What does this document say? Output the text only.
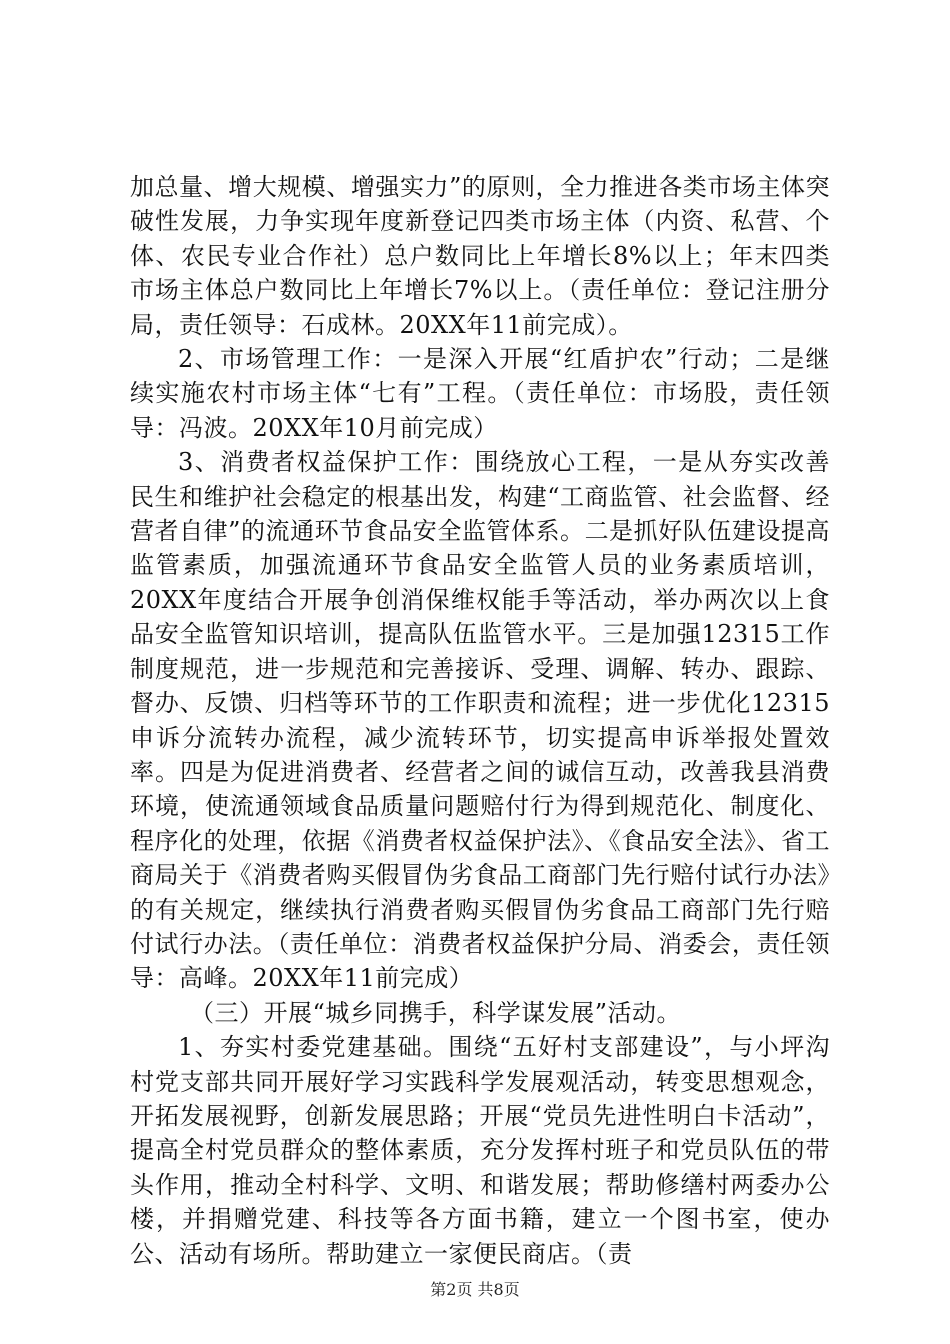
加总量、增大规模、增强实力”的原则，全力推进各类市场主体突破性发展，力争实现年度新登记四类市场主体（内资、私营、个体、农民专业合作社）总户数同比上年增长8%以上；年末四类市场主体总户数同比上年增长7%以上。（责任单位：登记注册分局，责任领导：石成林。20XX年11前完成）。

2、市场管理工作：一是深入开展“红盾护农”行动；二是继续实施农村市场主体“七有”工程。（责任单位：市场股，责任领导：冯波。20XX年10月前完成）

3、消费者权益保护工作：围绕放心工程，一是从夯实改善民生和维护社会稳定的根基出发，构建“工商监管、社会监督、经营者自律”的流通环节食品安全监管体系。二是抓好队伍建设提高监管素质，加强流通环节食品安全监管人员的业务素质培训，20XX年度结合开展争创消保维权能手等活动，举办两次以上食品安全监管知识培训，提高队伍监管水平。三是加强12315工作制度规范，进一步规范和完善接诉、受理、调解、转办、跟踪、督办、反馈、归档等环节的工作职责和流程；进一步优化12315申诉分流转办流程，减少流转环节，切实提高申诉举报处置效率。四是为促进消费者、经营者之间的诚信互动，改善我县消费环境，使流通领域食品质量问题赔付行为得到规范化、制度化、程序化的处理，依据《消费者权益保护法》、《食品安全法》、省工商局关于《消费者购买假冒伪劣食品工商部门先行赔付试行办法》的有关规定，继续执行消费者购买假冒伪劣食品工商部门先行赔付试行办法。（责任单位：消费者权益保护分局、消委会，责任领导：高峰。20XX年11前完成）

（三）开展“城乡同携手，科学谋发展”活动。

1、夯实村委党建基础。围绕“五好村支部建设”，与小坪沟村党支部共同开展好学习实践科学发展观活动，转变思想观念，开拓发展视野，创新发展思路；开展“党员先进性明白卡活动”，提高全村党员群众的整体素质，充分发挥村班子和党员队伍的带头作用，推动全村科学、文明、和谐发展；帮助修缮村两委办公楼，并捐赠党建、科技等各方面书籍，建立一个图书室，使办公、活动有场所。帮助建立一家便民商店。（责

第2页 共8页
